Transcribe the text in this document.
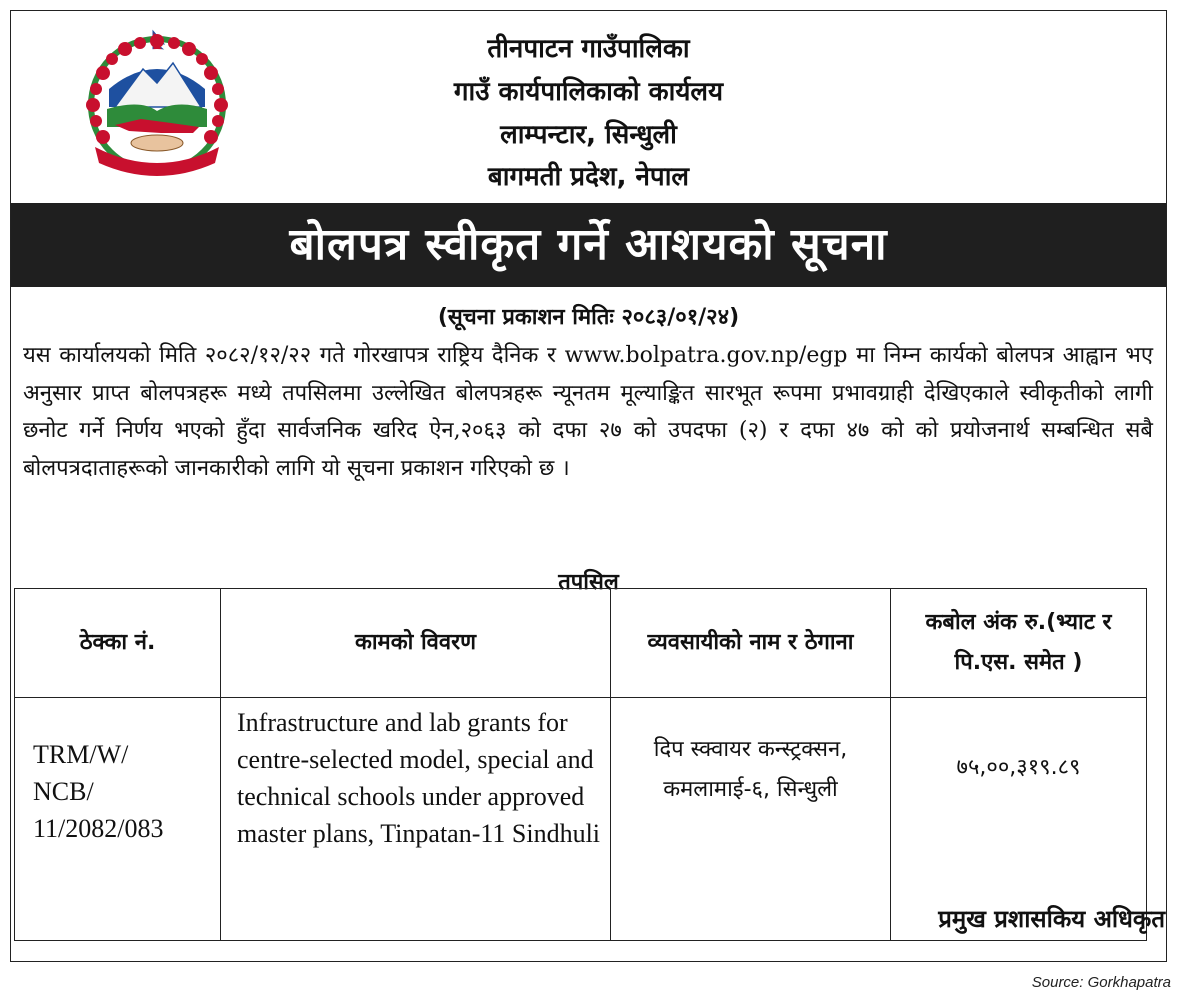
तीनपाटन गाउँपालिका
गाउँ कार्यपालिकाको कार्यलय
लाम्पन्टार, सिन्धुली
बागमती प्रदेश, नेपाल
बोलपत्र स्वीकृत गर्ने आशयको सूचना
(सूचना प्रकाशन मितिः २०८३/०१/२४)

यस कार्यालयको मिति २०८२/१२/२२ गते गोरखापत्र राष्ट्रिय दैनिक र www.bolpatra.gov.np/egp मा निम्न कार्यको बोलपत्र आह्वान भए अनुसार प्राप्त बोलपत्रहरू मध्ये तपसिलमा उल्लेखित बोलपत्रहरू न्यूनतम मूल्याङ्कित सारभूत रूपमा प्रभावग्राही देखिएकाले स्वीकृतीको लागी छनोट गर्ने निर्णय भएको हुँदा सार्वजनिक खरिद ऐन,२०६३ को दफा २७ को उपदफा (२) र दफा ४७ को को प्रयोजनार्थ सम्बन्धित सबै बोलपत्रदाताहरूको जानकारीको लागि यो सूचना प्रकाशन गरिएको छ ।

तपसिल
ठेक्का नं.	कामको विवरण	व्यवसायीको नाम र ठेगाना	कबोल अंक रु.(भ्याट र पि.एस. समेत )

TRM/W/ NCB/ 11/2082/083	Infrastructure and lab grants for centre-selected model, special and technical schools under approved master plans, Tinpatan-11 Sindhuli	दिप स्क्वायर कन्स्ट्रक्सन, कमलामाई-६, सिन्धुली	७५,००,३१९.८९
प्रमुख प्रशासकिय अधिकृत
Source: Gorkhapatra
